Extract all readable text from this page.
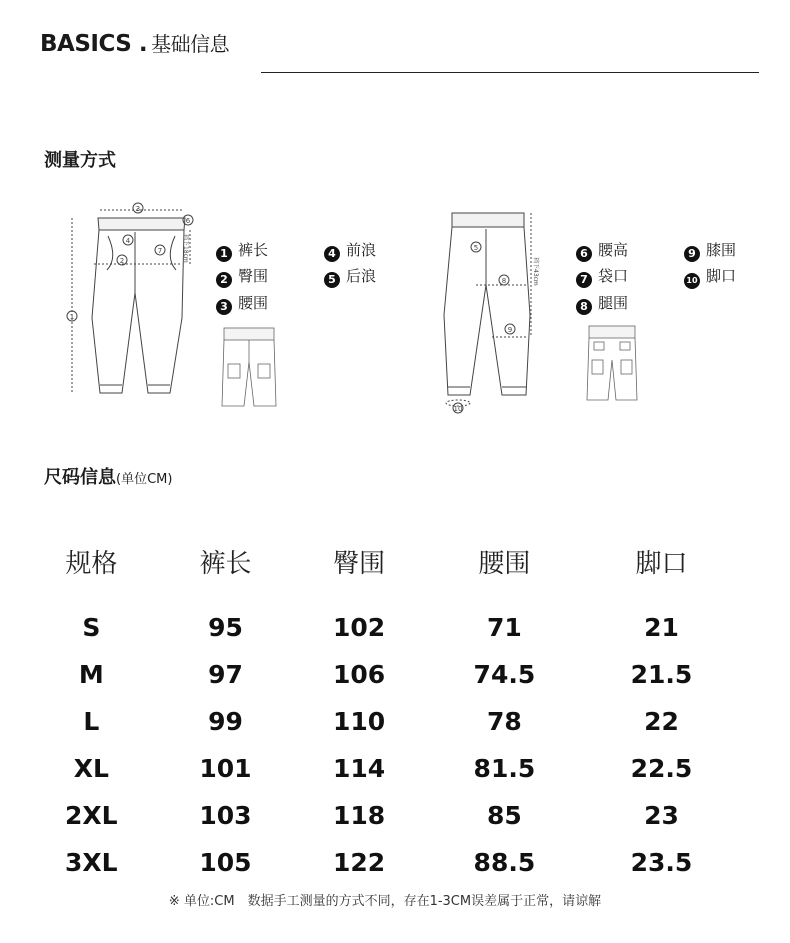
BASICS . 基础信息
测量方式
1
2
3
4
7
6
裆下18cm	5
8
9
10
裆下43cm
1 裤长	4 前浪
2 臀围	5 后浪
3 腰围
6 腰高	9 膝围
7 袋口	10 脚口
8 腿围
尺码信息(单位CM)
规格	裤长	臀围	腰围	脚口

S	95	102	71	21
M	97	106	74.5	21.5
L	99	110	78	22
XL	101	114	81.5	22.5
2XL	103	118	85	23
3XL	105	122	88.5	23.5
※ 单位:CM　数据手工测量的方式不同，存在1-3CM误差属于正常，请谅解
